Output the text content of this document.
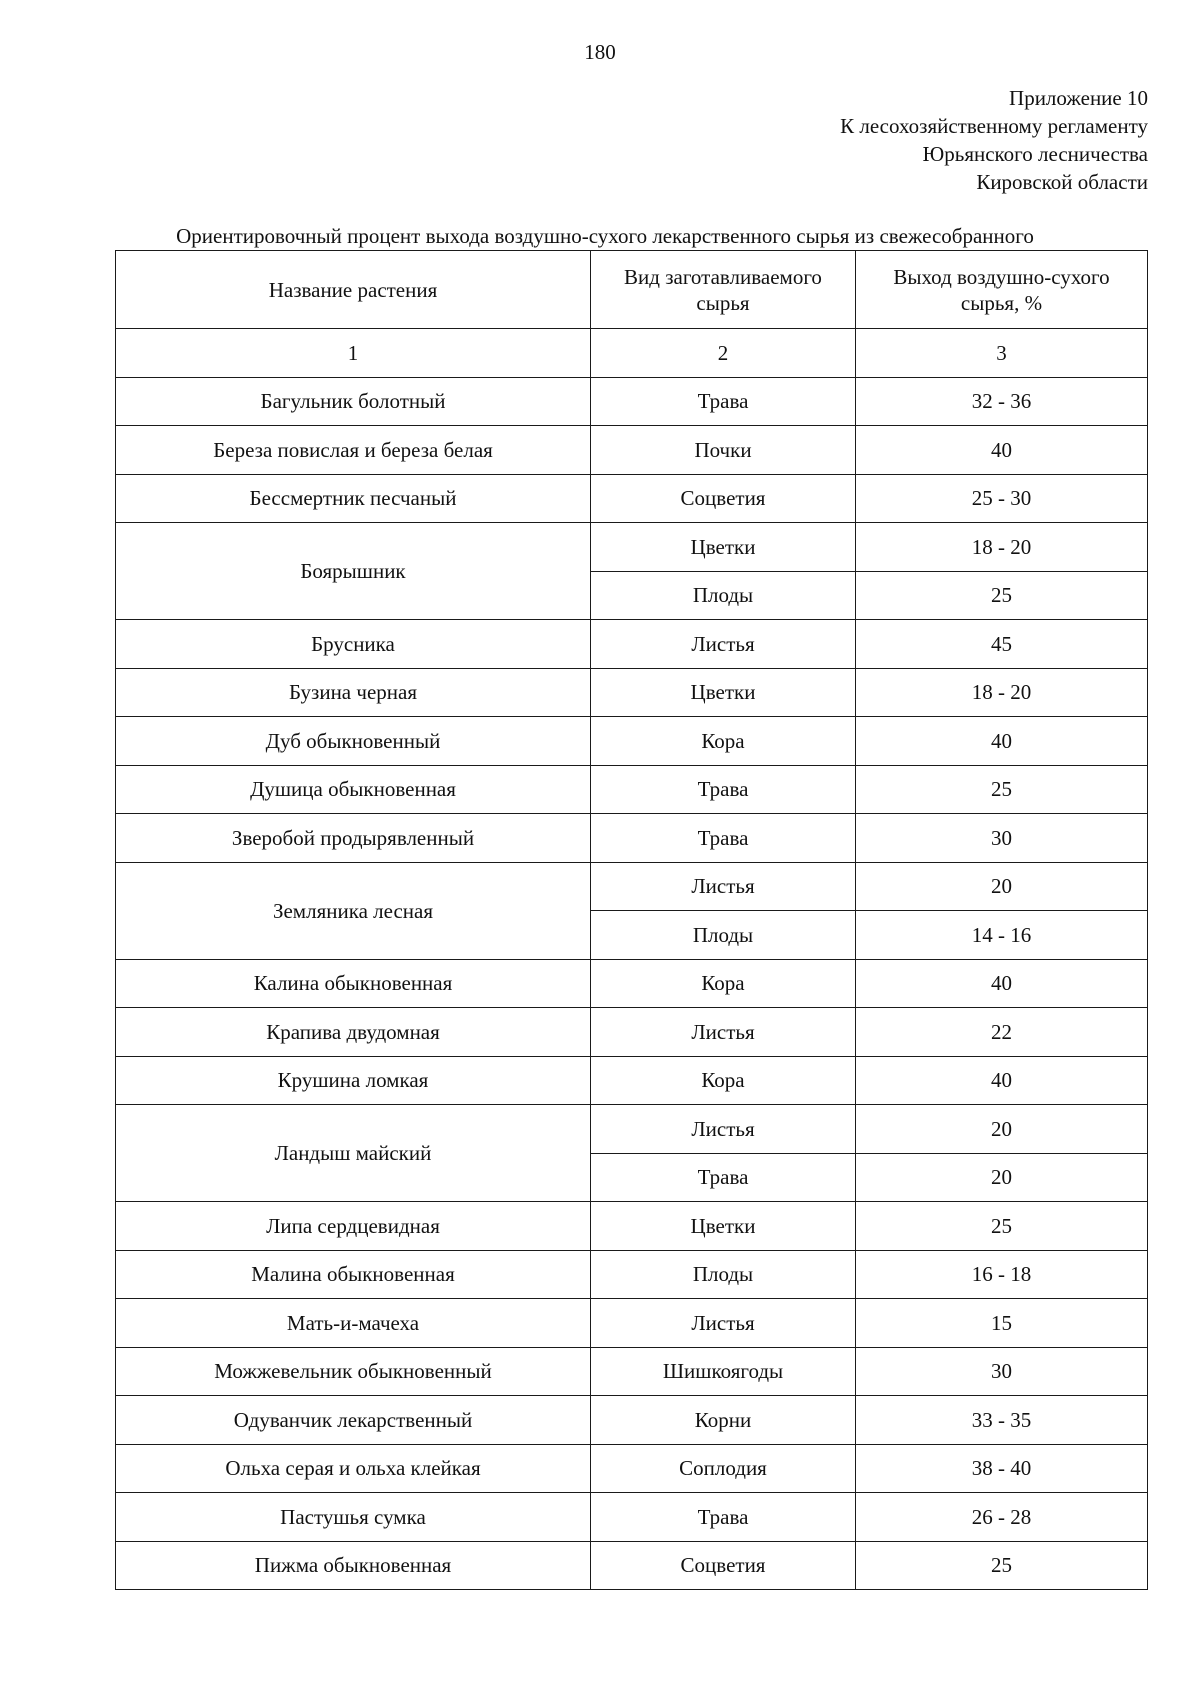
180
Приложение 10
К лесохозяйственному регламенту
Юрьянского лесничества
Кировской области
Ориентировочный процент выхода воздушно-сухого лекарственного сырья из свежесобранного
Название растения	Вид заготавливаемого сырья	Выход воздушно-сухого сырья, %
1	2	3
Багульник болотный	Трава	32 - 36
Береза повислая и береза белая	Почки	40
Бессмертник песчаный	Соцветия	25 - 30
Боярышник	Цветки	18 - 20
	Плоды	25
Брусника	Листья	45
Бузина черная	Цветки	18 - 20
Дуб обыкновенный	Кора	40
Душица обыкновенная	Трава	25
Зверобой продырявленный	Трава	30
Земляника лесная	Листья	20
	Плоды	14 - 16
Калина обыкновенная	Кора	40
Крапива двудомная	Листья	22
Крушина ломкая	Кора	40
Ландыш майский	Листья	20
	Трава	20
Липа сердцевидная	Цветки	25
Малина обыкновенная	Плоды	16 - 18
Мать-и-мачеха	Листья	15
Можжевельник обыкновенный	Шишкоягоды	30
Одуванчик лекарственный	Корни	33 - 35
Ольха серая и ольха клейкая	Соплодия	38 - 40
Пастушья сумка	Трава	26 - 28
Пижма обыкновенная	Соцветия	25
